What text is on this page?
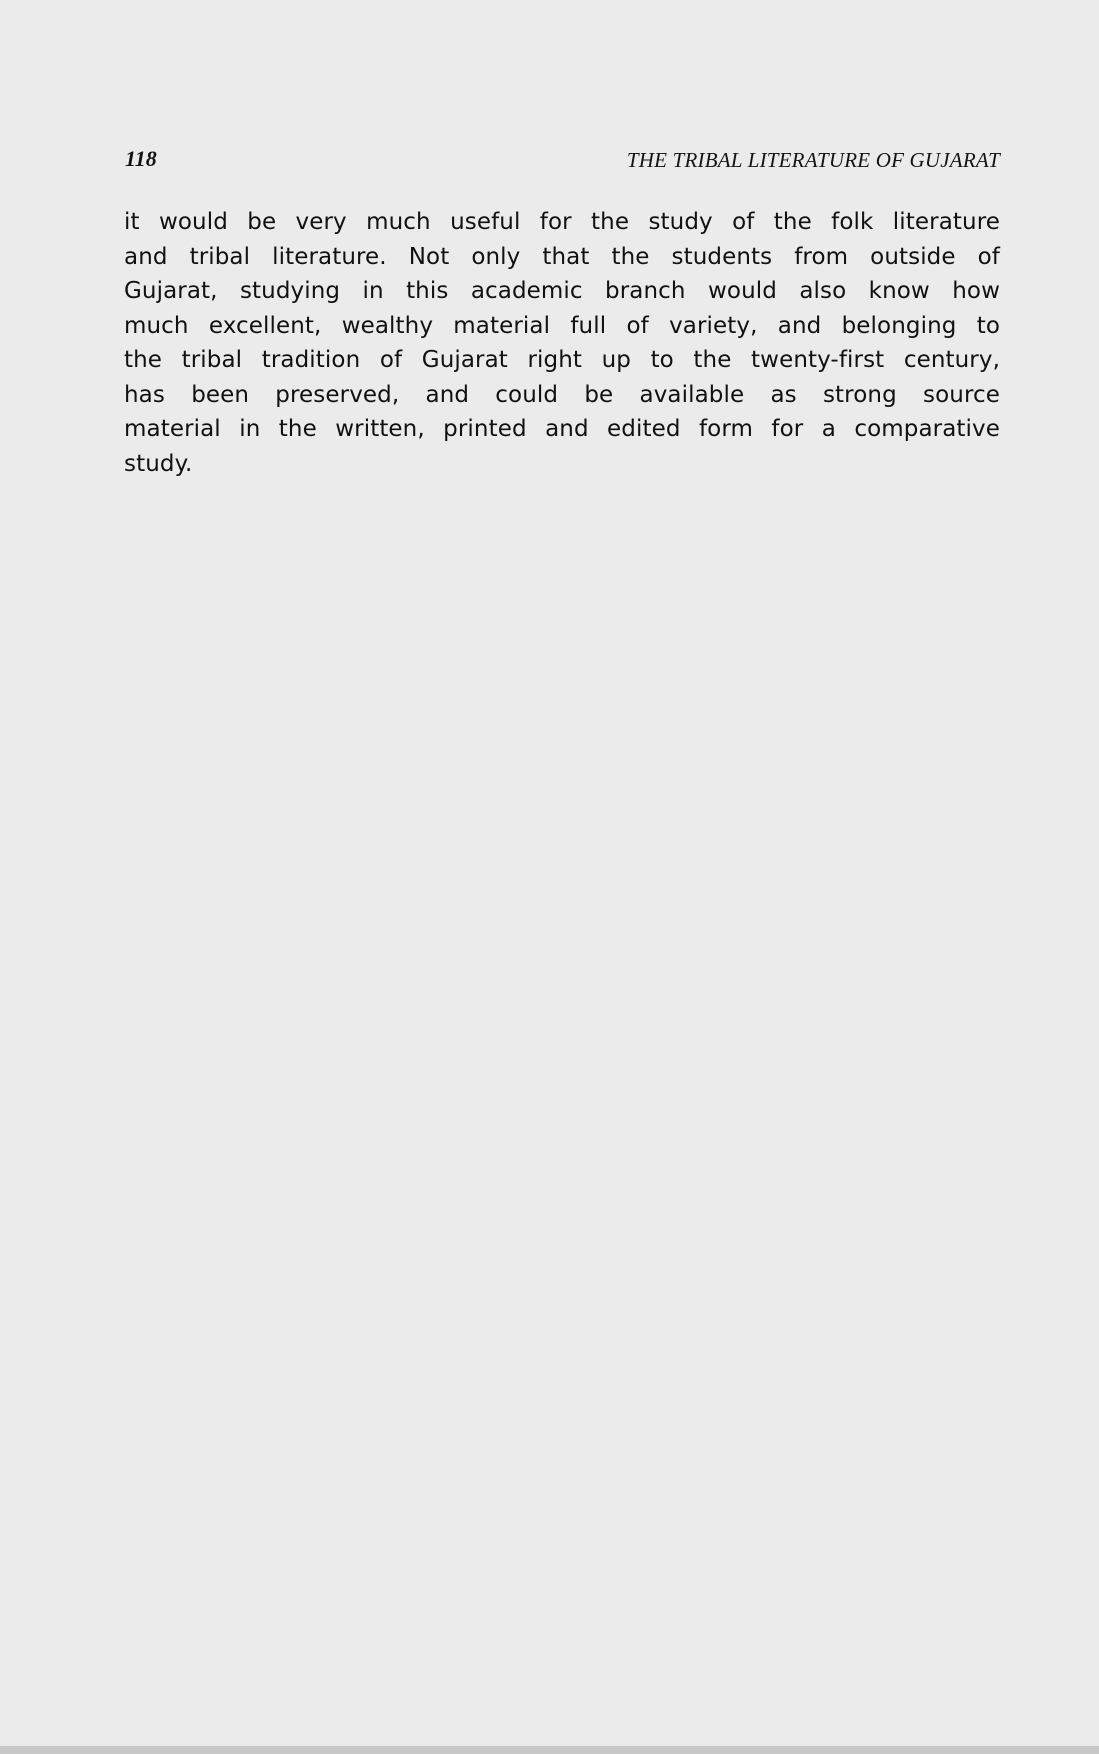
118	THE TRIBAL LITERATURE OF GUJARAT
it would be very much useful for the study of the folk literature
and tribal literature. Not only that the students from outside of
Gujarat, studying in this academic branch would also know how
much excellent, wealthy material full of variety, and belonging to
the tribal tradition of Gujarat right up to the twenty-first century,
has been preserved, and could be available as strong source
material in the written, printed and edited form for a comparative
study.
